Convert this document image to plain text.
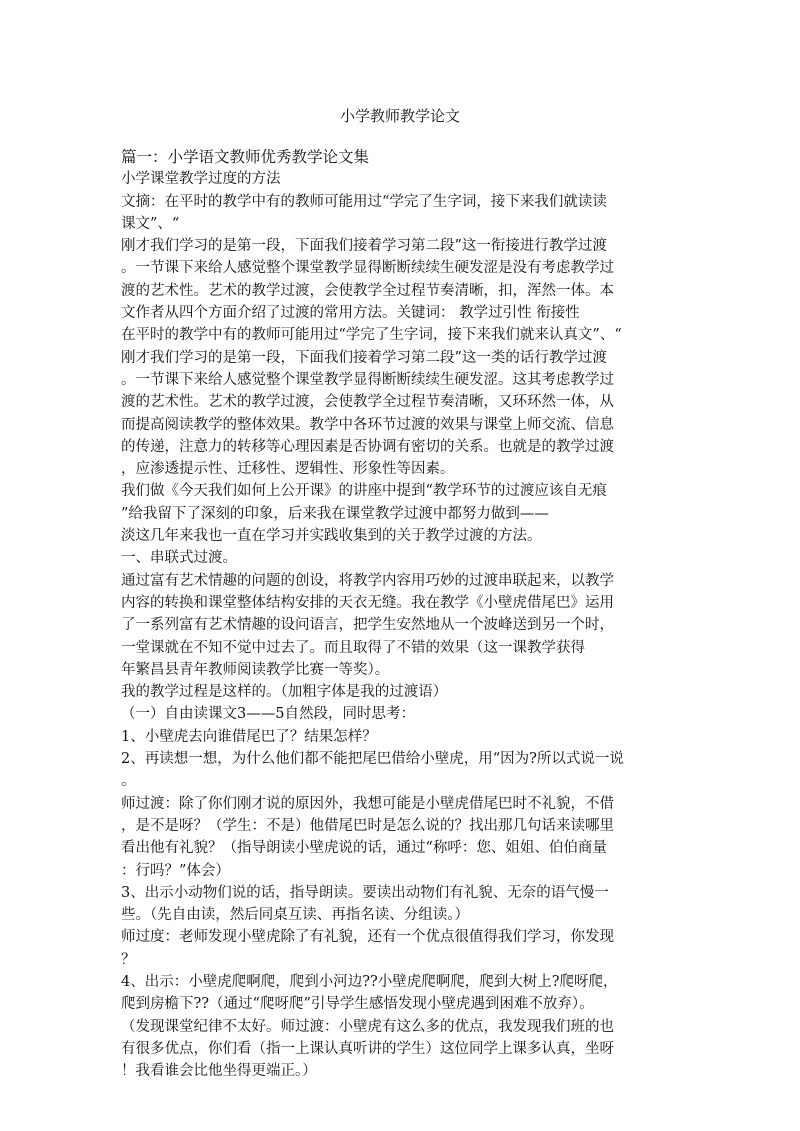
小学教师教学论文
篇一：小学语文教师优秀教学论文集
小学课堂教学过度的方法
文摘：在平时的教学中有的教师可能用过“学完了生字词，接下来我们就读读
课文”、“
刚才我们学习的是第一段，下面我们接着学习第二段”这一衔接进行教学过渡
。一节课下来给人感觉整个课堂教学显得断断续续生硬发涩是没有考虑教学过
渡的艺术性。艺术的教学过渡，会使教学全过程节奏清晰，扣，浑然一体。本
文作者从四个方面介绍了过渡的常用方法。关键词： 教学过引性 衔接性
在平时的教学中有的教师可能用过“学完了生字词，接下来我们就来认真文”、“
刚才我们学习的是第一段，下面我们接着学习第二段”这一类的话行教学过渡
。一节课下来给人感觉整个课堂教学显得断断续续生硬发涩。这其考虑教学过
渡的艺术性。艺术的教学过渡，会使教学全过程节奏清晰，又环环然一体，从
而提高阅读教学的整体效果。教学中各环节过渡的效果与课堂上师交流、信息
的传递，注意力的转移等心理因素是否协调有密切的关系。也就是的教学过渡
，应渗透提示性、迁移性、逻辑性、形象性等因素。
我们做《今天我们如何上公开课》的讲座中提到“教学环节的过渡应该自无痕
”给我留下了深刻的印象，后来我在课堂教学过渡中都努力做到——
淡这几年来我也一直在学习并实践收集到的关于教学过渡的方法。
一、串联式过渡。
通过富有艺术情趣的问题的创设，将教学内容用巧妙的过渡串联起来，以教学
内容的转换和课堂整体结构安排的天衣无缝。我在教学《小壁虎借尾巴》运用
了一系列富有艺术情趣的设问语言，把学生安然地从一个波峰送到另一个时，
一堂课就在不知不觉中过去了。而且取得了不错的效果（这一课教学获得
年繁昌县青年教师阅读教学比赛一等奖）。
我的教学过程是这样的。（加粗字体是我的过渡语）
（一）自由读课文3——5自然段，同时思考：
1、小壁虎去向谁借尾巴了？结果怎样？
2、再读想一想，为什么他们都不能把尾巴借给小壁虎，用“因为?所以式说一说
。
师过渡：除了你们刚才说的原因外，我想可能是小壁虎借尾巴时不礼貌，不借
，是不是呀？（学生：不是）他借尾巴时是怎么说的？找出那几句话来读哪里
看出他有礼貌？（指导朗读小壁虎说的话，通过“称呼：您、姐姐、伯伯商量
：行吗？”体会）
3、出示小动物们说的话，指导朗读。要读出动物们有礼貌、无奈的语气慢一
些。（先自由读，然后同桌互读、再指名读、分组读。）
师过度：老师发现小壁虎除了有礼貌，还有一个优点很值得我们学习，你发现
？
4、出示：小壁虎爬啊爬，爬到小河边??小壁虎爬啊爬，爬到大树上?爬呀爬，
爬到房檐下??（通过“爬呀爬”引导学生感悟发现小壁虎遇到困难不放弃）。
（发现课堂纪律不太好。师过渡：小壁虎有这么多的优点，我发现我们班的也
有很多优点，你们看（指一上课认真听讲的学生）这位同学上课多认真，坐呀
！我看谁会比他坐得更端正。）
